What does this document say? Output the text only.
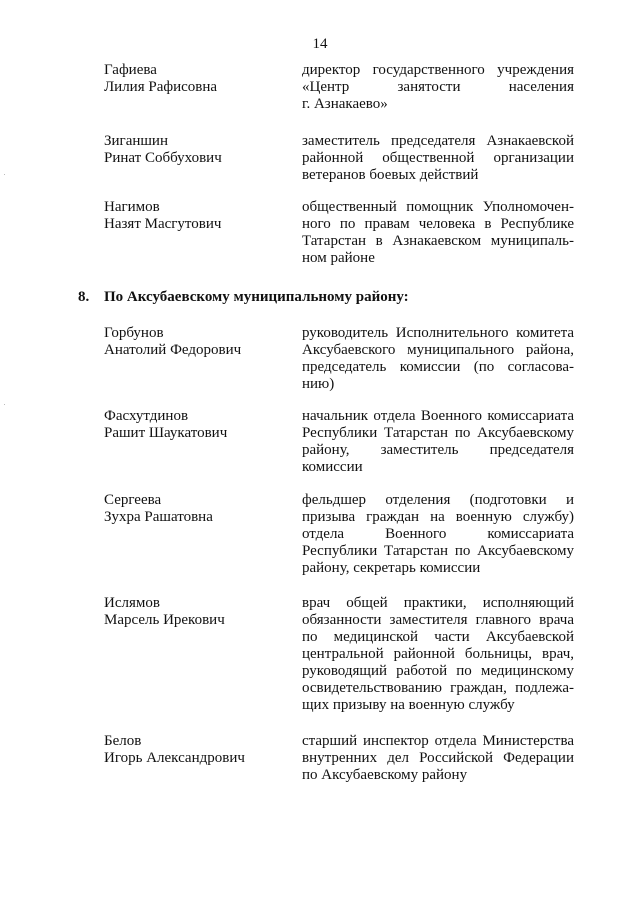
14
Гафиева
Лилия Рафисовна
директор государственного учреждения
«Центр занятости населения
г. Азнакаево»
Зиганшин
Ринат Соббухович
заместитель председателя Азнакаевской
районной общественной организации
ветеранов боевых действий
Нагимов
Назят Масгутович
общественный помощник Уполномочен-
ного по правам человека в Республике
Татарстан в Азнакаевском муниципаль-
ном районе
8. По Аксубаевскому муниципальному району:
Горбунов
Анатолий Федорович
руководитель Исполнительного комитета
Аксубаевского муниципального района,
председатель комиссии (по согласова-
нию)
Фасхутдинов
Рашит Шаукатович
начальник отдела Военного комиссариата
Республики Татарстан по Аксубаевскому
району, заместитель председателя
комиссии
Сергеева
Зухра Рашатовна
фельдшер отделения (подготовки и
призыва граждан на военную службу)
отдела Военного комиссариата
Республики Татарстан по Аксубаевскому
району, секретарь комиссии
Ислямов
Марсель Ирекович
врач общей практики, исполняющий
обязанности заместителя главного врача
по медицинской части Аксубаевской
центральной районной больницы, врач,
руководящий работой по медицинскому
освидетельствованию граждан, подлежа-
щих призыву на военную службу
Белов
Игорь Александрович
старший инспектор отдела Министерства
внутренних дел Российской Федерации
по Аксубаевскому району
